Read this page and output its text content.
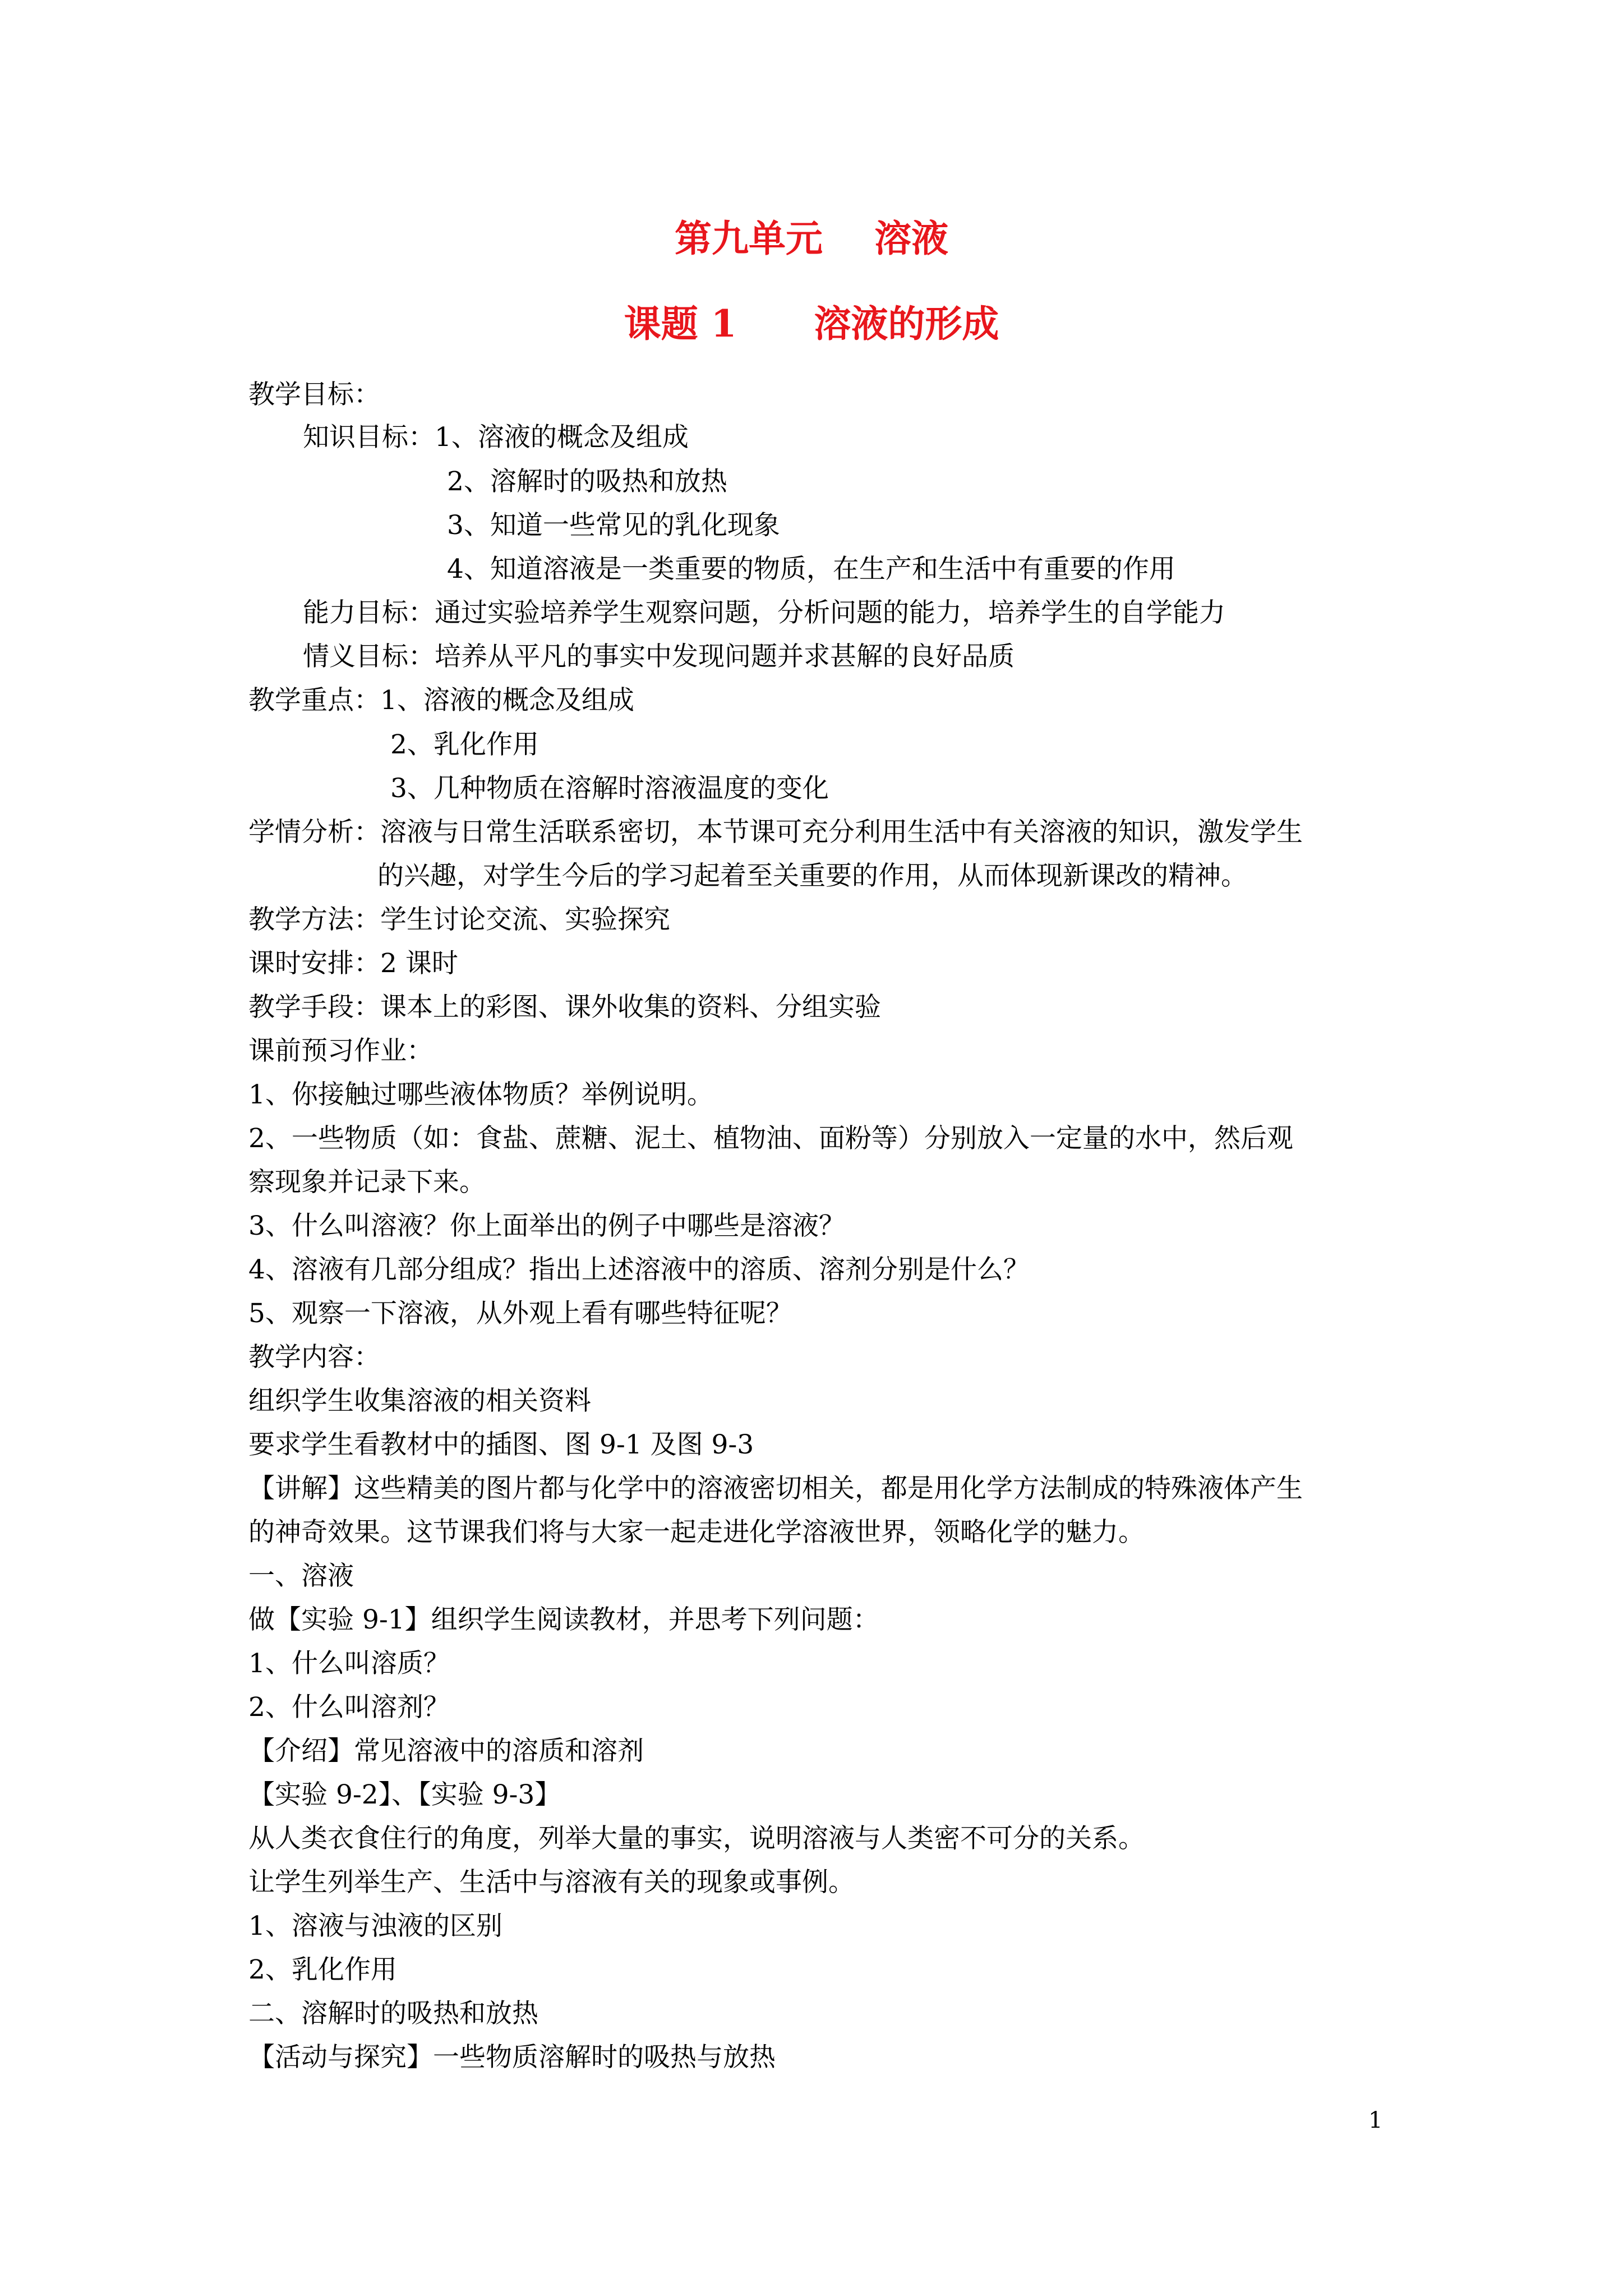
第九单元    溶液
课题 1      溶液的形成
教学目标：
知识目标：1、溶液的概念及组成
2、溶解时的吸热和放热
3、知道一些常见的乳化现象
4、知道溶液是一类重要的物质，在生产和生活中有重要的作用
能力目标：通过实验培养学生观察问题，分析问题的能力，培养学生的自学能力
情义目标：培养从平凡的事实中发现问题并求甚解的良好品质
教学重点：1、溶液的概念及组成
2、乳化作用
3、几种物质在溶解时溶液温度的变化
学情分析：溶液与日常生活联系密切，本节课可充分利用生活中有关溶液的知识，激发学生
的兴趣，对学生今后的学习起着至关重要的作用，从而体现新课改的精神。
教学方法：学生讨论交流、实验探究
课时安排：2 课时
教学手段：课本上的彩图、课外收集的资料、分组实验
课前预习作业：
1、你接触过哪些液体物质？举例说明。
2、一些物质（如：食盐、蔗糖、泥土、植物油、面粉等）分别放入一定量的水中，然后观
察现象并记录下来。
3、什么叫溶液？你上面举出的例子中哪些是溶液？
4、溶液有几部分组成？指出上述溶液中的溶质、溶剂分别是什么？
5、观察一下溶液，从外观上看有哪些特征呢？
教学内容：
组织学生收集溶液的相关资料
要求学生看教材中的插图、图 9-1 及图 9-3
【讲解】这些精美的图片都与化学中的溶液密切相关，都是用化学方法制成的特殊液体产生
的神奇效果。这节课我们将与大家一起走进化学溶液世界，领略化学的魅力。
一、溶液
做【实验 9-1】组织学生阅读教材，并思考下列问题：
1、什么叫溶质？
2、什么叫溶剂？
【介绍】常见溶液中的溶质和溶剂
【实验 9-2】、【实验 9-3】
从人类衣食住行的角度，列举大量的事实，说明溶液与人类密不可分的关系。
让学生列举生产、生活中与溶液有关的现象或事例。
1、溶液与浊液的区别
2、乳化作用
二、溶解时的吸热和放热
【活动与探究】一些物质溶解时的吸热与放热
1
